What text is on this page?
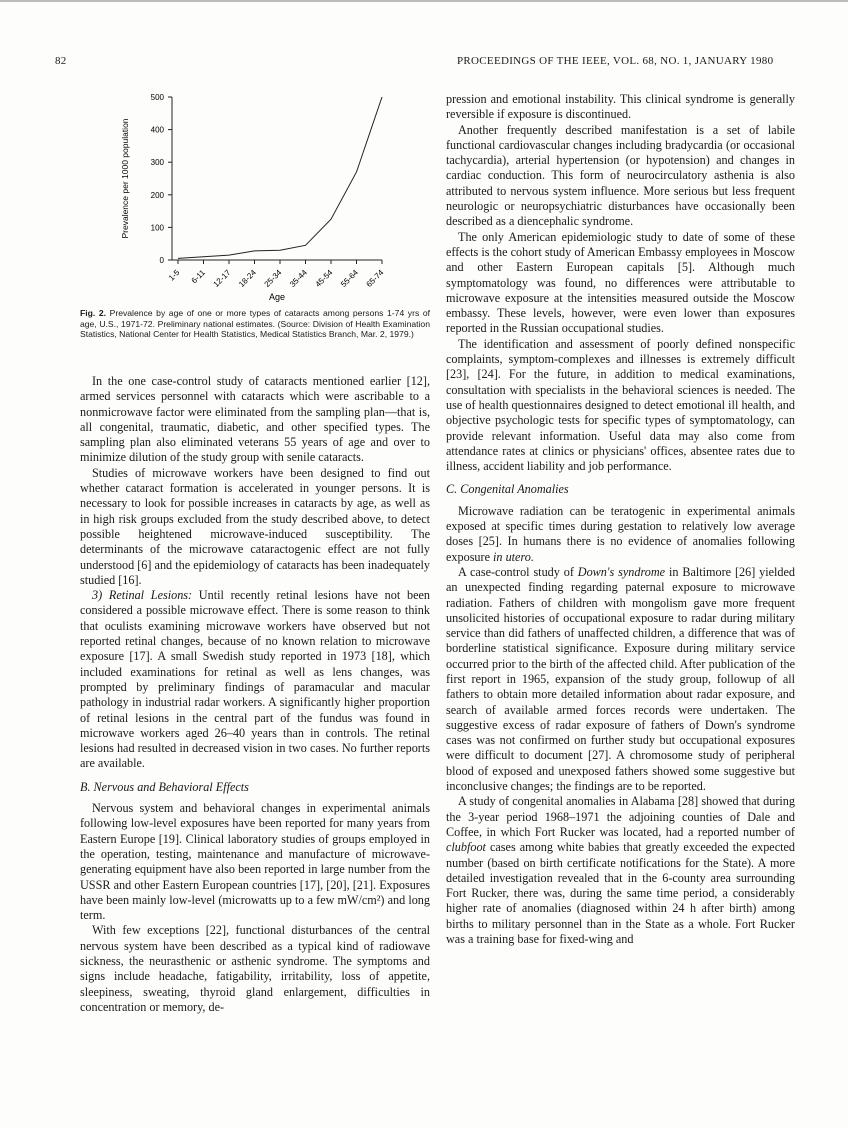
82	PROCEEDINGS OF THE IEEE, VOL. 68, NO. 1, JANUARY 1980
0
100
200
300
400
500
1-5 6-11 12-17 18-24 25-34 35-44 45-54 55-64 65-74
Prevalence per 1000 population
Age
Fig. 2. Prevalence by age of one or more types of cataracts among persons 1-74 yrs of age, U.S., 1971-72. Preliminary national estimates. (Source: Division of Health Examination Statistics, National Center for Health Statistics, Medical Statistics Branch, Mar. 2, 1979.)

In the one case-control study of cataracts mentioned earlier [12], armed services personnel with cataracts which were ascribable to a nonmicrowave factor were eliminated from the sampling plan—that is, all congenital, traumatic, diabetic, and other specified types. The sampling plan also eliminated veterans 55 years of age and over to minimize dilution of the study group with senile cataracts.

Studies of microwave workers have been designed to find out whether cataract formation is accelerated in younger persons. It is necessary to look for possible increases in cataracts by age, as well as in high risk groups excluded from the study described above, to detect possible heightened microwave-induced susceptibility. The determinants of the microwave cataractogenic effect are not fully understood [6] and the epidemiology of cataracts has been inadequately studied [16].

3) Retinal Lesions: Until recently retinal lesions have not been considered a possible microwave effect. There is some reason to think that oculists examining microwave workers have observed but not reported retinal changes, because of no known relation to microwave exposure [17]. A small Swedish study reported in 1973 [18], which included examinations for retinal as well as lens changes, was prompted by preliminary findings of paramacular and macular pathology in industrial radar workers. A significantly higher proportion of retinal lesions in the central part of the fundus was found in microwave workers aged 26–40 years than in controls. The retinal lesions had resulted in decreased vision in two cases. No further reports are available.

B. Nervous and Behavioral Effects

Nervous system and behavioral changes in experimental animals following low-level exposures have been reported for many years from Eastern Europe [19]. Clinical laboratory studies of groups employed in the operation, testing, maintenance and manufacture of microwave-generating equipment have also been reported in large number from the USSR and other Eastern European countries [17], [20], [21]. Exposures have been mainly low-level (microwatts up to a few mW/cm²) and long term.

With few exceptions [22], functional disturbances of the central nervous system have been described as a typical kind of radiowave sickness, the neurasthenic or asthenic syndrome. The symptoms and signs include headache, fatigability, irritability, loss of appetite, sleepiness, sweating, thyroid gland enlargement, difficulties in concentration or memory, de-

pression and emotional instability. This clinical syndrome is generally reversible if exposure is discontinued.

Another frequently described manifestation is a set of labile functional cardiovascular changes including bradycardia (or occasional tachycardia), arterial hypertension (or hypotension) and changes in cardiac conduction. This form of neurocirculatory asthenia is also attributed to nervous system influence. More serious but less frequent neurologic or neuropsychiatric disturbances have occasionally been described as a diencephalic syndrome.

The only American epidemiologic study to date of some of these effects is the cohort study of American Embassy employees in Moscow and other Eastern European capitals [5]. Although much symptomatology was found, no differences were attributable to microwave exposure at the intensities measured outside the Moscow embassy. These levels, however, were even lower than exposures reported in the Russian occupational studies.

The identification and assessment of poorly defined nonspecific complaints, symptom-complexes and illnesses is extremely difficult [23], [24]. For the future, in addition to medical examinations, consultation with specialists in the behavioral sciences is needed. The use of health questionnaires designed to detect emotional ill health, and objective psychologic tests for specific types of symptomatology, can provide relevant information. Useful data may also come from attendance rates at clinics or physicians' offices, absentee rates due to illness, accident liability and job performance.

C. Congenital Anomalies

Microwave radiation can be teratogenic in experimental animals exposed at specific times during gestation to relatively low average doses [25]. In humans there is no evidence of anomalies following exposure in utero.

A case-control study of Down's syndrome in Baltimore [26] yielded an unexpected finding regarding paternal exposure to microwave radiation. Fathers of children with mongolism gave more frequent unsolicited histories of occupational exposure to radar during military service than did fathers of unaffected children, a difference that was of borderline statistical significance. Exposure during military service occurred prior to the birth of the affected child. After publication of the first report in 1965, expansion of the study group, followup of all fathers to obtain more detailed information about radar exposure, and search of available armed forces records were undertaken. The suggestive excess of radar exposure of fathers of Down's syndrome cases was not confirmed on further study but occupational exposures were difficult to document [27]. A chromosome study of peripheral blood of exposed and unexposed fathers showed some suggestive but inconclusive changes; the findings are to be reported.

A study of congenital anomalies in Alabama [28] showed that during the 3-year period 1968–1971 the adjoining counties of Dale and Coffee, in which Fort Rucker was located, had a reported number of clubfoot cases among white babies that greatly exceeded the expected number (based on birth certificate notifications for the State). A more detailed investigation revealed that in the 6-county area surrounding Fort Rucker, there was, during the same time period, a considerably higher rate of anomalies (diagnosed within 24 h after birth) among births to military personnel than in the State as a whole. Fort Rucker was a training base for fixed-wing and
